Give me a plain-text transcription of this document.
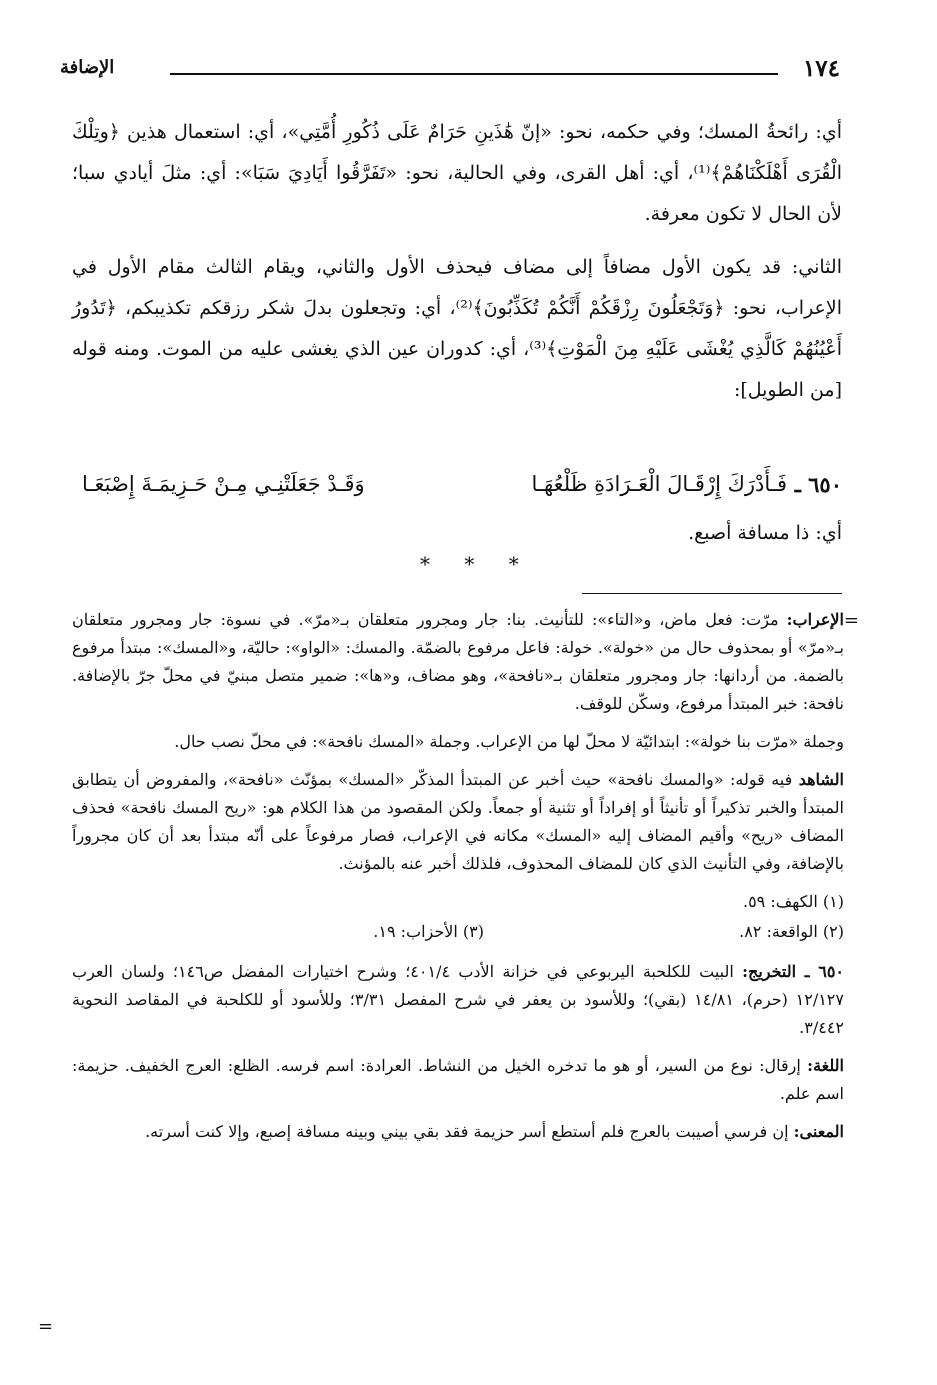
١٧٤
الإضافة

أي: رائحةُ المسك؛ وفي حكمه، نحو: «إنّ هَٰذَينِ حَرَامٌ عَلَى ذُكُورِ أُمَّتِي»، أي: استعمال هذين ﴿وتِلْكَ الْقُرَى أَهْلَكْنَاهُمْ﴾⁽¹⁾، أي: أهل القرى، وفي الحالية، نحو: «تَفَرَّقُوا أَيَادِيَ سَبَا»: أي: مثلَ أيادي سبا؛ لأن الحال لا تكون معرفة.

الثاني: قد يكون الأول مضافاً إلى مضاف فيحذف الأول والثاني، ويقام الثالث مقام الأول في الإعراب، نحو: ﴿وَتَجْعَلُونَ رِزْقَكُمْ أَنَّكُمْ تُكَذِّبُونَ﴾⁽²⁾، أي: وتجعلون بدلَ شكر رزقكم تكذيبكم، ﴿تَدُورُ أَعْيُنُهُمْ كَالَّذِي يُغْشَى عَلَيْهِ مِنَ الْمَوْتِ﴾⁽³⁾، أي: كدوران عين الذي يغشى عليه من الموت. ومنه قوله [من الطويل]:

٦٥٠ ـ
فَـأَدْرَكَ إِرْقَـالَ الْعَـرَادَةِ ظَلْعُهَـا
وَقَـدْ جَعَلَتْنِـي مِـنْ حَـزِيمَـةَ إِصْبَعَـا
أي: ذا مسافة أصبع.
* * *
=

الإعراب: مرّت: فعل ماض، و«التاء»: للتأنيث. بنا: جار ومجرور متعلقان بـ«مرّ». في نسوة: جار ومجرور متعلقان بـ«مرّ» أو بمحذوف حال من «خولة». خولة: فاعل مرفوع بالضمّة. والمسك: «الواو»: حاليّة، و«المسك»: مبتدأ مرفوع بالضمة. من أردانها: جار ومجرور متعلقان بـ«نافحة»، وهو مضاف، و«ها»: ضمير متصل مبنيّ في محلّ جرّ بالإضافة. نافحة: خبر المبتدأ مرفوع، وسكّن للوقف.

وجملة «مرّت بنا خولة»: ابتدائيّة لا محلّ لها من الإعراب. وجملة «المسك نافحة»: في محلّ نصب حال.

الشاهد فيه قوله: «والمسك نافحة» حيث أخبر عن المبتدأ المذكّر «المسك» بمؤنّث «نافحة»، والمفروض أن يتطابق المبتدأ والخبر تذكيراً أو تأنيثاً أو إفراداً أو تثنية أو جمعاً. ولكن المقصود من هذا الكلام هو: «ريح المسك نافحة» فحذف المضاف «ريح» وأقيم المضاف إليه «المسك» مكانه في الإعراب، فصار مرفوعاً على أنّه مبتدأ بعد أن كان مجروراً بالإضافة، وفي التأنيث الذي كان للمضاف المحذوف، فلذلك أخبر عنه بالمؤنث.

(١) الكهف: ٥٩.

(٢) الواقعة: ٨٢.
(٣) الأحزاب: ١٩.

٦٥٠ ـ التخريج: البيت للكلحبة اليربوعي في خزانة الأدب ٤٠١/٤؛ وشرح اختيارات المفضل ص١٤٦؛ ولسان العرب ١٢/١٢٧ (حرم)، ١٤/٨١ (بقي)؛ وللأسود بن يعفر في شرح المفصل ٣/٣١؛ وللأسود أو للكلحبة في المقاصد النحوية ٣/٤٤٢.

اللغة: إرقال: نوع من السير، أو هو ما تدخره الخيل من النشاط. العرادة: اسم فرسه. الظلع: العرج الخفيف. حزيمة: اسم علم.

المعنى: إن فرسي أصيبت بالعرج فلم أستطع أسر حزيمة فقد بقي بيني وبينه مسافة إصبع، وإلا كنت أسرته.

=
